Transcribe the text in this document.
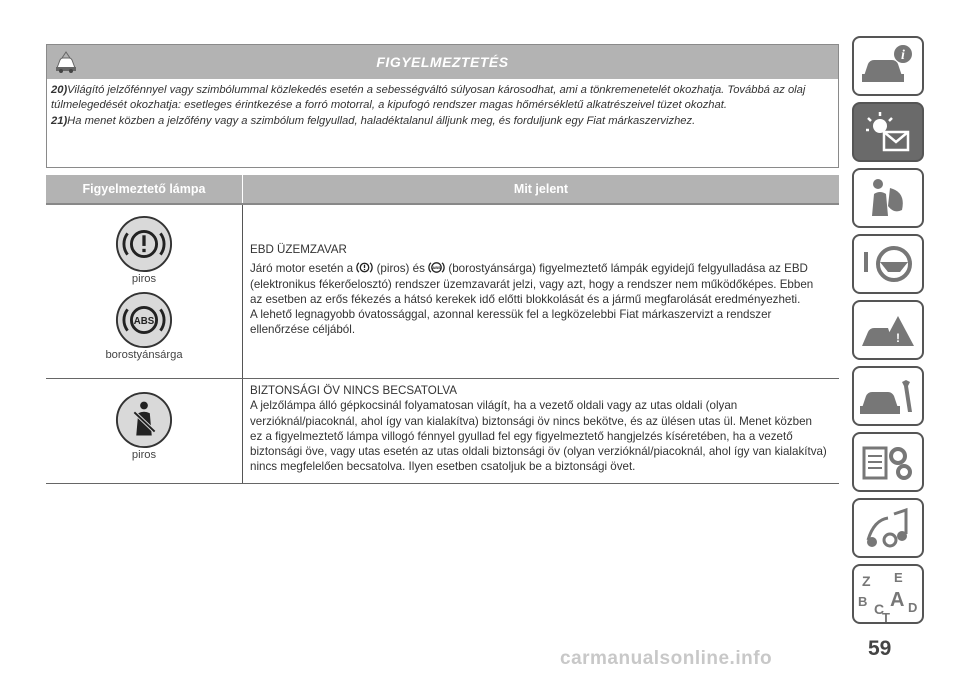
FIGYELMEZTETÉS
20)Világító jelzőfénnyel vagy szimbólummal közlekedés esetén a sebességváltó súlyosan károsodhat, ami a tönkremenetelét okozhatja. Továbbá az olaj túlmelegedését okozhatja: esetleges érintkezése a forró motorral, a kipufogó rendszer magas hőmérsékletű alkatrészeivel tüzet okozhat.
21)Ha menet közben a jelzőfény vagy a szimbólum felgyullad, haladéktalanul álljunk meg, és forduljunk egy Fiat márkaszervizhez.
Figyelmeztető lámpa	Mit jelent
piros
ABS
borostyánsárga
EBD ÜZEMZAVAR
Járó motor esetén a  (piros) és ABS (borostyánsárga) figyelmeztető lámpák egyidejű felgyulladása az EBD (elektronikus fékerőelosztó) rendszer üzemzavarát jelzi, vagy azt, hogy a rendszer nem működőképes. Ebben az esetben az erős fékezés a hátsó kerekek idő előtti blokkolását és a jármű megfarolását eredményezheti.
A lehető legnagyobb óvatossággal, azonnal keressük fel a legközelebbi Fiat márkaszervizt a rendszer ellenőrzése céljából.
piros
BIZTONSÁGI ÖV NINCS BECSATOLVA
A jelzőlámpa álló gépkocsinál folyamatosan világít, ha a vezető oldali vagy az utas oldali (olyan verzióknál/piacoknál, ahol így van kialakítva) biztonsági öv nincs bekötve, és az ülésen utas ül. Menet közben ez a figyelmeztető lámpa villogó fénnyel gyullad fel egy figyelmeztető hangjelzés kíséretében, ha a vezető biztonsági öve, vagy utas esetén az utas oldali biztonsági öv (olyan verzióknál/piacoknál, ahol így van kialakítva) nincs megfelelően becsatolva. Ilyen esetben csatoljuk be a biztonsági övet.
i
!
Z E
B A
C
T
D
59
carmanualsonline.info
